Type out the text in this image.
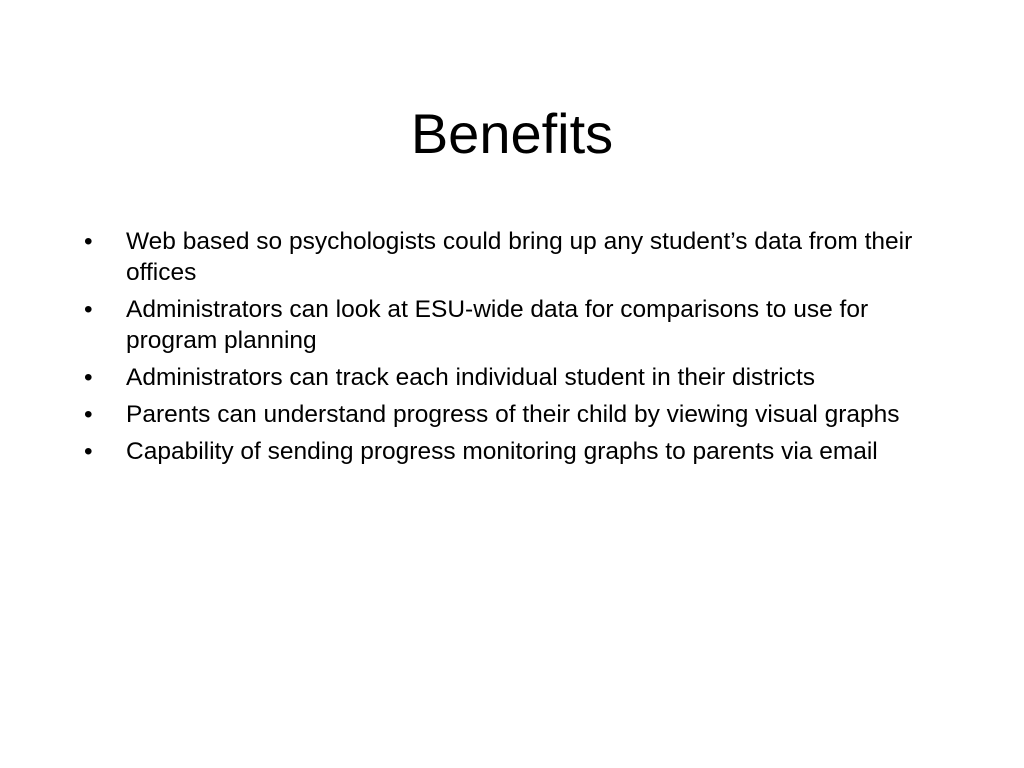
Benefits
•	Web based so psychologists could bring up any student’s data from their offices
•	Administrators can look at ESU-wide data for comparisons to use for program planning
•	Administrators can track each individual student in their districts
•	Parents can understand progress of their child by viewing visual graphs
•	Capability of sending progress monitoring graphs to parents via email
